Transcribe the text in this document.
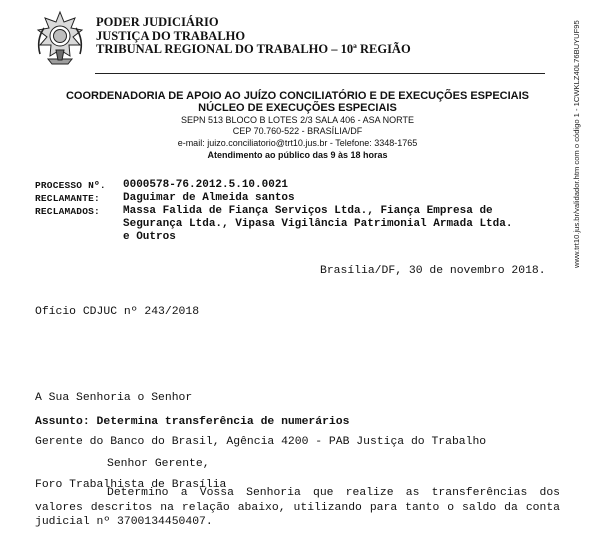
PODER JUDICIÁRIO
JUSTIÇA DO TRABALHO
TRIBUNAL REGIONAL DO TRABALHO – 10ª REGIÃO
COORDENADORIA DE APOIO AO JUÍZO CONCILIATÓRIO E DE EXECUÇÕES ESPECIAIS
NÚCLEO DE EXECUÇÕES ESPECIAIS
SEPN 513 BLOCO B LOTES 2/3 SALA 406 - ASA NORTE
CEP 70.760-522 - BRASÍLIA/DF
e-mail: juizo.conciliatorio@trt10.jus.br - Telefone: 3348-1765
Atendimento ao público das 9 às 18 horas
PROCESSO Nº.	0000578-76.2012.5.10.0021
RECLAMANTE:	Daguimar de Almeida santos
RECLAMADOS:	Massa Falida de Fiança Serviços Ltda., Fiança Empresa de Segurança Ltda., Vipasa Vigilância Patrimonial Armada Ltda. e Outros
Brasília/DF, 30 de novembro 2018.
Ofício CDJUC nº 243/2018

A Sua Senhoria o Senhor

Gerente do Banco do Brasil, Agência 4200 - PAB Justiça do Trabalho

Foro Trabalhista de Brasília

Assunto: Determina transferência de numerários
Senhor Gerente,
Determino a Vossa Senhoria que realize as transferências dos valores descritos na relação abaixo, utilizando para tanto o saldo da conta judicial nº 3700134450407.
www.trt10.jus.br/validador.htm com o código 1 - 1CWKLZ40L76BUYUF95
